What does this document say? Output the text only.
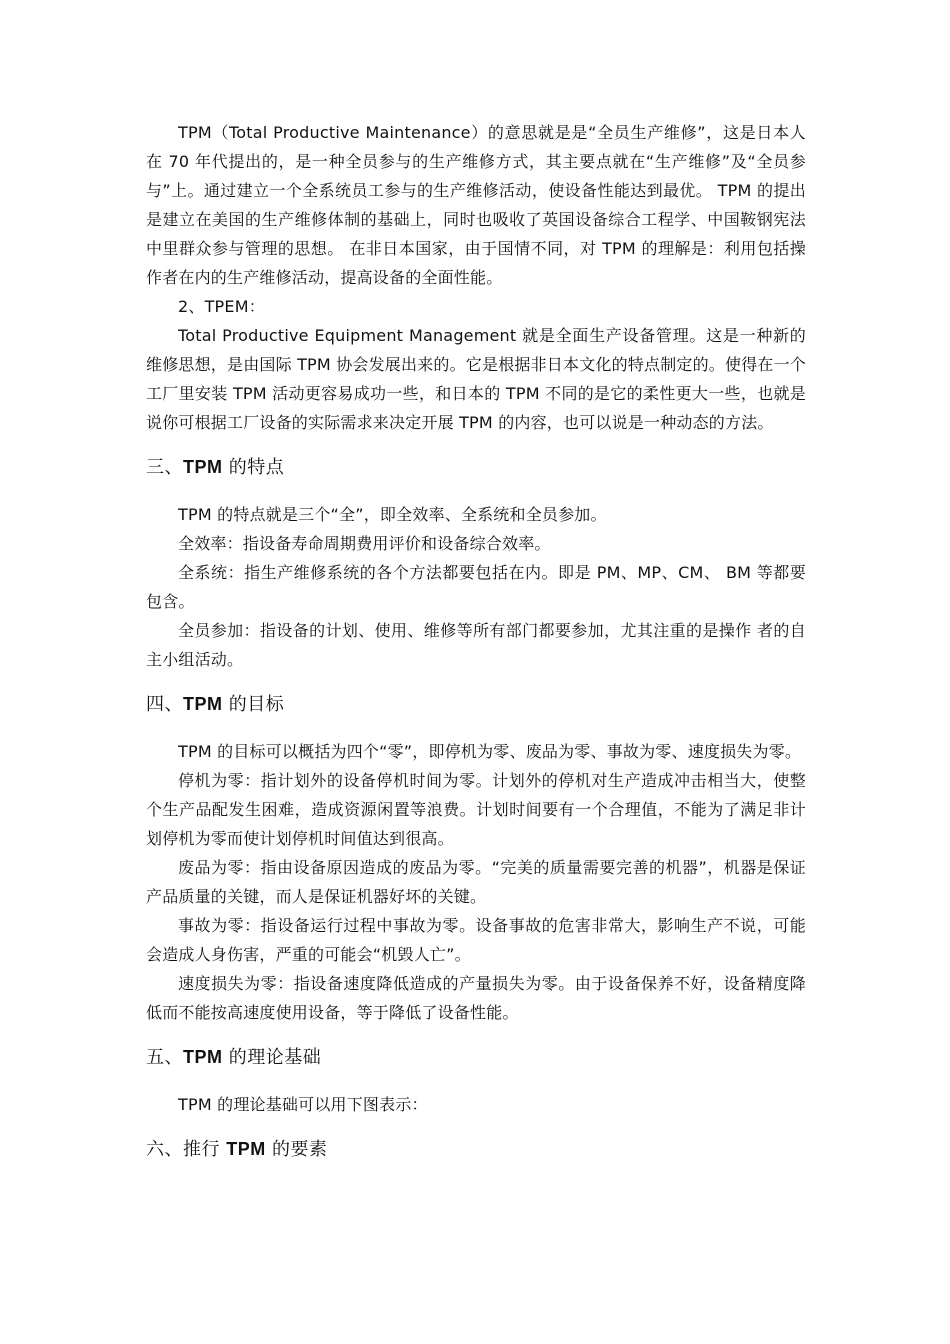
TPM（Total Productive Maintenance）的意思就是是“全员生产维修”，这是日本人在 70 年代提出的，是一种全员参与的生产维修方式，其主要点就在“生产维修”及“全员参与”上。通过建立一个全系统员工参与的生产维修活动，使设备性能达到最优。 TPM 的提出是建立在美国的生产维修体制的基础上，同时也吸收了英国设备综合工程学、中国鞍钢宪法中里群众参与管理的思想。 在非日本国家，由于国情不同，对 TPM 的理解是：利用包括操作者在内的生产维修活动，提高设备的全面性能。

2、TPEM：

Total Productive Equipment Management 就是全面生产设备管理。这是一种新的维修思想，是由国际 TPM 协会发展出来的。它是根据非日本文化的特点制定的。使得在一个工厂里安装 TPM 活动更容易成功一些，和日本的 TPM 不同的是它的柔性更大一些，也就是说你可根据工厂设备的实际需求来决定开展 TPM 的内容，也可以说是一种动态的方法。

三、TPM 的特点

TPM 的特点就是三个“全”，即全效率、全系统和全员参加。

全效率：指设备寿命周期费用评价和设备综合效率。

全系统：指生产维修系统的各个方法都要包括在内。即是 PM、MP、CM、 BM 等都要包含。

全员参加：指设备的计划、使用、维修等所有部门都要参加，尤其注重的是操作 者的自主小组活动。

四、TPM 的目标

TPM 的目标可以概括为四个“零”，即停机为零、废品为零、事故为零、速度损失为零。

停机为零：指计划外的设备停机时间为零。计划外的停机对生产造成冲击相当大，使整个生产品配发生困难，造成资源闲置等浪费。计划时间要有一个合理值，不能为了满足非计划停机为零而使计划停机时间值达到很高。

废品为零：指由设备原因造成的废品为零。“完美的质量需要完善的机器”，机器是保证产品质量的关键，而人是保证机器好坏的关键。

事故为零：指设备运行过程中事故为零。设备事故的危害非常大，影响生产不说，可能会造成人身伤害，严重的可能会“机毁人亡”。

速度损失为零：指设备速度降低造成的产量损失为零。由于设备保养不好，设备精度降低而不能按高速度使用设备，等于降低了设备性能。

五、TPM 的理论基础

TPM 的理论基础可以用下图表示：

六、推行 TPM 的要素
